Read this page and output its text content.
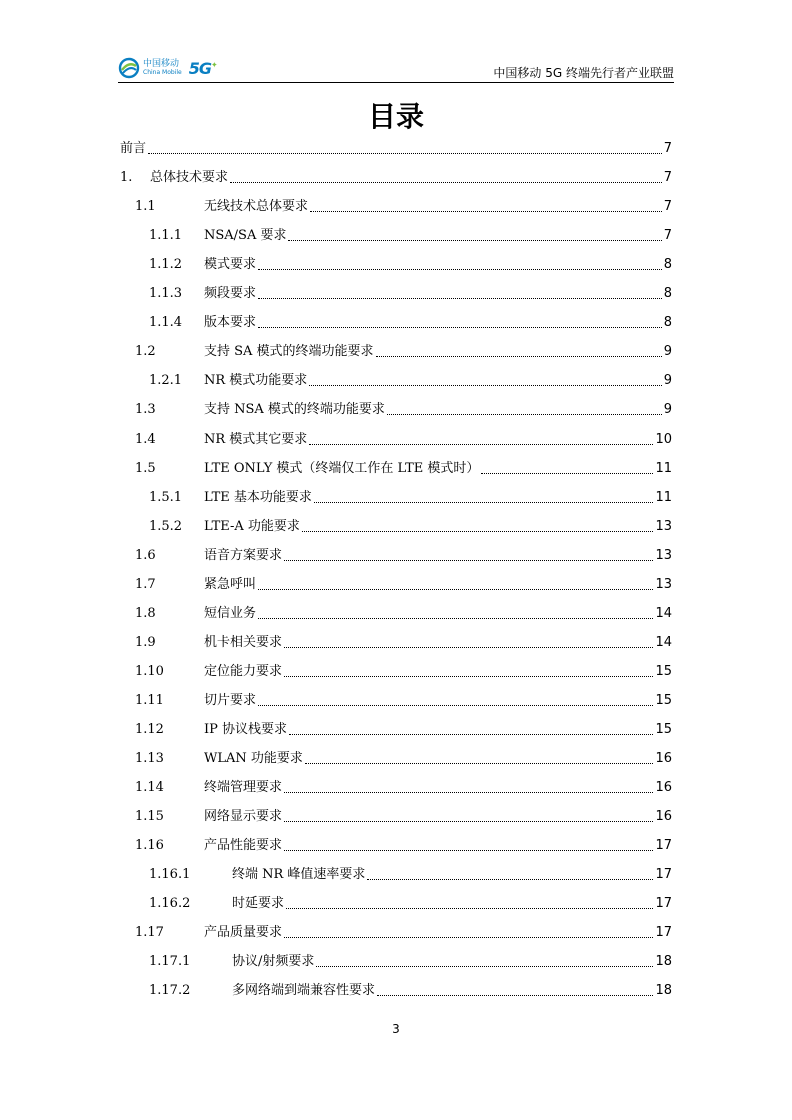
中国移动
China Mobile 5G✦
中国移动 5G 终端先行者产业联盟
目录
前言	7
1.	总体技术要求	7
1.1	无线技术总体要求	7
1.1.1	NSA/SA 要求	7
1.1.2	模式要求	8
1.1.3	频段要求	8
1.1.4	版本要求	8
1.2	支持 SA 模式的终端功能要求	9
1.2.1	NR 模式功能要求	9
1.3	支持 NSA 模式的终端功能要求	9
1.4	NR 模式其它要求	10
1.5	LTE ONLY 模式（终端仅工作在 LTE 模式时）	11
1.5.1	LTE 基本功能要求	11
1.5.2	LTE-A 功能要求	13
1.6	语音方案要求	13
1.7	紧急呼叫	13
1.8	短信业务	14
1.9	机卡相关要求	14
1.10	定位能力要求	15
1.11	切片要求	15
1.12	IP 协议栈要求	15
1.13	WLAN 功能要求	16
1.14	终端管理要求	16
1.15	网络显示要求	16
1.16	产品性能要求	17
1.16.1	终端 NR 峰值速率要求	17
1.16.2	时延要求	17
1.17	产品质量要求	17
1.17.1	协议/射频要求	18
1.17.2	多网络端到端兼容性要求	18
3
